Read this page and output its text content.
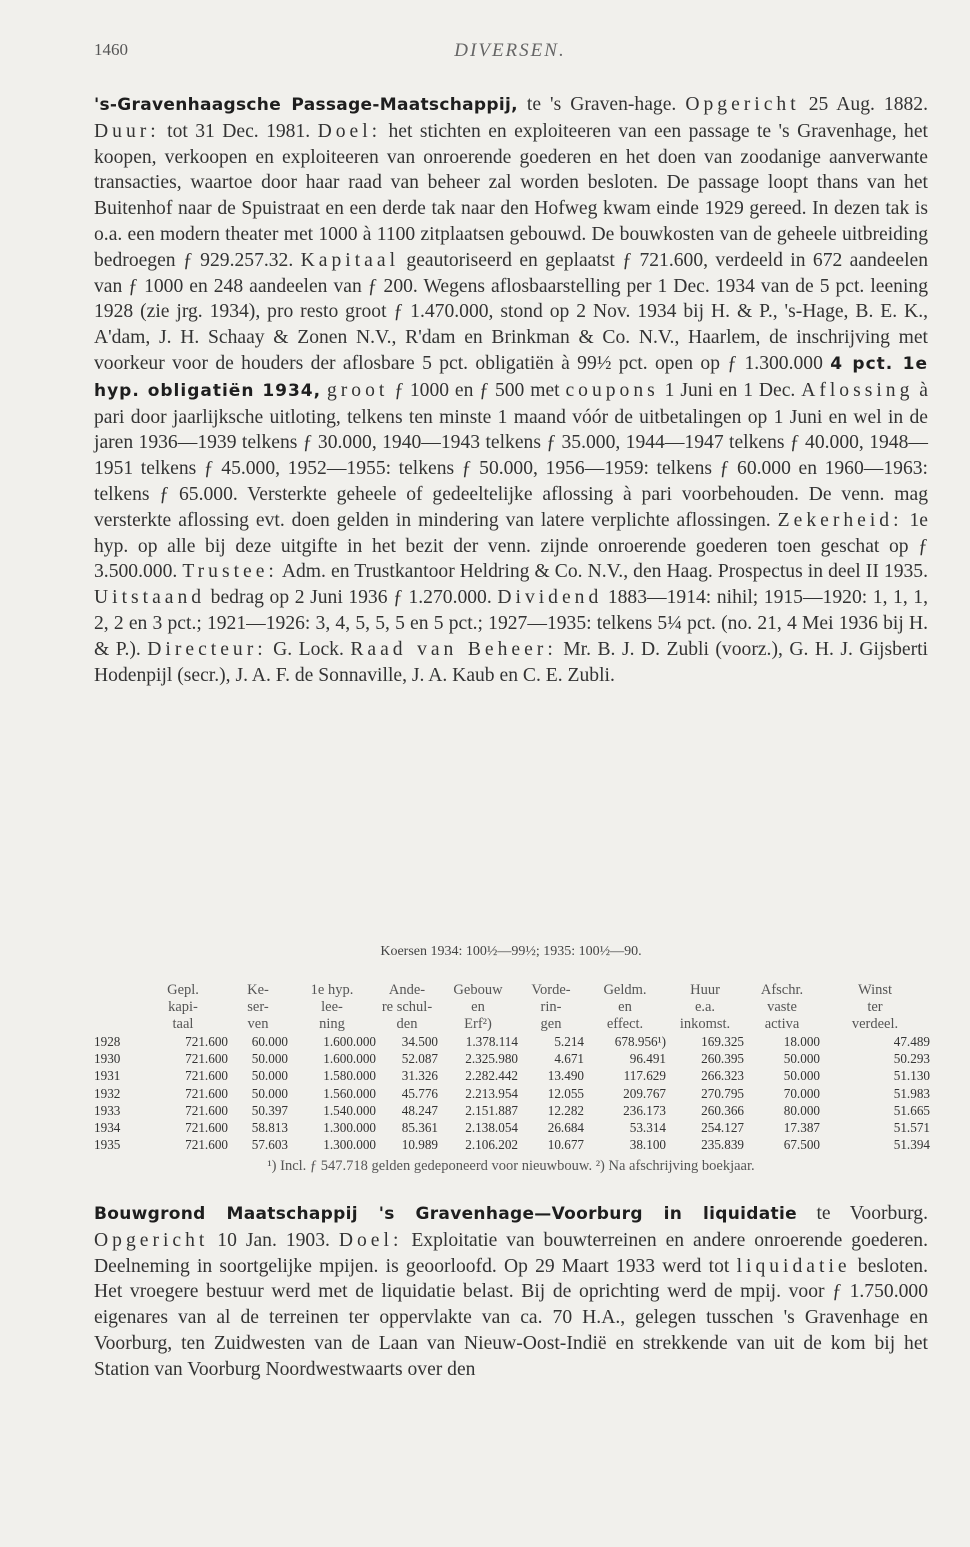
1460	DIVERSEN.
's-Gravenhaagsche Passage-Maatschappij, te 's Graven-hage. Opgericht 25 Aug. 1882. Duur: tot 31 Dec. 1981. Doel: het stichten en exploiteeren van een passage te 's Gravenhage, het koopen, verkoopen en exploiteeren van onroerende goederen en het doen van zoodanige aanverwante transacties, waartoe door haar raad van beheer zal worden besloten. De passage loopt thans van het Buitenhof naar de Spuistraat en een derde tak naar den Hofweg kwam einde 1929 gereed. In dezen tak is o.a. een modern theater met 1000 à 1100 zitplaatsen gebouwd. De bouwkosten van de geheele uitbreiding bedroegen ƒ 929.257.32. Kapitaal geautoriseerd en geplaatst ƒ 721.600, verdeeld in 672 aandeelen van ƒ 1000 en 248 aandeelen van ƒ 200. Wegens aflosbaarstelling per 1 Dec. 1934 van de 5 pct. leening 1928 (zie jrg. 1934), pro resto groot ƒ 1.470.000, stond op 2 Nov. 1934 bij H. & P., 's-Hage, B. E. K., A'dam, J. H. Schaay & Zonen N.V., R'dam en Brinkman & Co. N.V., Haarlem, de inschrijving met voorkeur voor de houders der aflosbare 5 pct. obligatiën à 99½ pct. open op ƒ 1.300.000 4 pct. 1e hyp. obligatiën 1934, groot ƒ 1000 en ƒ 500 met coupons 1 Juni en 1 Dec. Aflossing à pari door jaarlijksche uitloting, telkens ten minste 1 maand vóór de uitbetalingen op 1 Juni en wel in de jaren 1936—1939 telkens ƒ 30.000, 1940—1943 telkens ƒ 35.000, 1944—1947 telkens ƒ 40.000, 1948—1951 telkens ƒ 45.000, 1952—1955: telkens ƒ 50.000, 1956—1959: telkens ƒ 60.000 en 1960—1963: telkens ƒ 65.000. Versterkte geheele of gedeeltelijke aflossing à pari voorbehouden. De venn. mag versterkte aflossing evt. doen gelden in mindering van latere verplichte aflossingen. Zekerheid: 1e hyp. op alle bij deze uitgifte in het bezit der venn. zijnde onroerende goederen toen geschat op ƒ 3.500.000. Trustee: Adm. en Trustkantoor Heldring & Co. N.V., den Haag. Prospectus in deel II 1935. Uitstaand bedrag op 2 Juni 1936 ƒ 1.270.000. Dividend 1883—1914: nihil; 1915—1920: 1, 1, 1, 2, 2 en 3 pct.; 1921—1926: 3, 4, 5, 5, 5 en 5 pct.; 1927—1935: telkens 5¼ pct. (no. 21, 4 Mei 1936 bij H. & P.). Directeur: G. Lock. Raad van Beheer: Mr. B. J. D. Zubli (voorz.), G. H. J. Gijsberti Hodenpijl (secr.), J. A. F. de Sonnaville, J. A. Kaub en C. E. Zubli.
Koersen 1934: 100½—99½; 1935: 100½—90.
	Gepl.	Ke-	1e hyp.	Ande-	Gebouw	Vorde-	Geldm.	Huur	Afschr.	Winst
	kapi-	ser-	lee-	re schul-	en	rin-	en	e.a.	vaste	ter
	taal	ven	ning	den	Erf²)	gen	effect.	inkomst.	activa	verdeel.
1928	721.600	60.000	1.600.000	34.500	1.378.114	5.214	678.956¹)	169.325	18.000	47.489
1930	721.600	50.000	1.600.000	52.087	2.325.980	4.671	96.491	260.395	50.000	50.293
1931	721.600	50.000	1.580.000	31.326	2.282.442	13.490	117.629	266.323	50.000	51.130
1932	721.600	50.000	1.560.000	45.776	2.213.954	12.055	209.767	270.795	70.000	51.983
1933	721.600	50.397	1.540.000	48.247	2.151.887	12.282	236.173	260.366	80.000	51.665
1934	721.600	58.813	1.300.000	85.361	2.138.054	26.684	53.314	254.127	17.387	51.571
1935	721.600	57.603	1.300.000	10.989	2.106.202	10.677	38.100	235.839	67.500	51.394
¹) Incl. ƒ 547.718 gelden gedeponeerd voor nieuwbouw. ²) Na afschrijving boekjaar.
Bouwgrond Maatschappij 's Gravenhage—Voorburg in liquidatie te Voorburg. Opgericht 10 Jan. 1903. Doel: Exploitatie van bouwterreinen en andere onroerende goederen. Deelneming in soortgelijke mpijen. is geoorloofd. Op 29 Maart 1933 werd tot liquidatie besloten. Het vroegere bestuur werd met de liquidatie belast. Bij de oprichting werd de mpij. voor ƒ 1.750.000 eigenares van al de terreinen ter oppervlakte van ca. 70 H.A., gelegen tusschen 's Gravenhage en Voorburg, ten Zuidwesten van de Laan van Nieuw-Oost-Indië en strekkende van uit de kom bij het Station van Voorburg Noordwestwaarts over den
